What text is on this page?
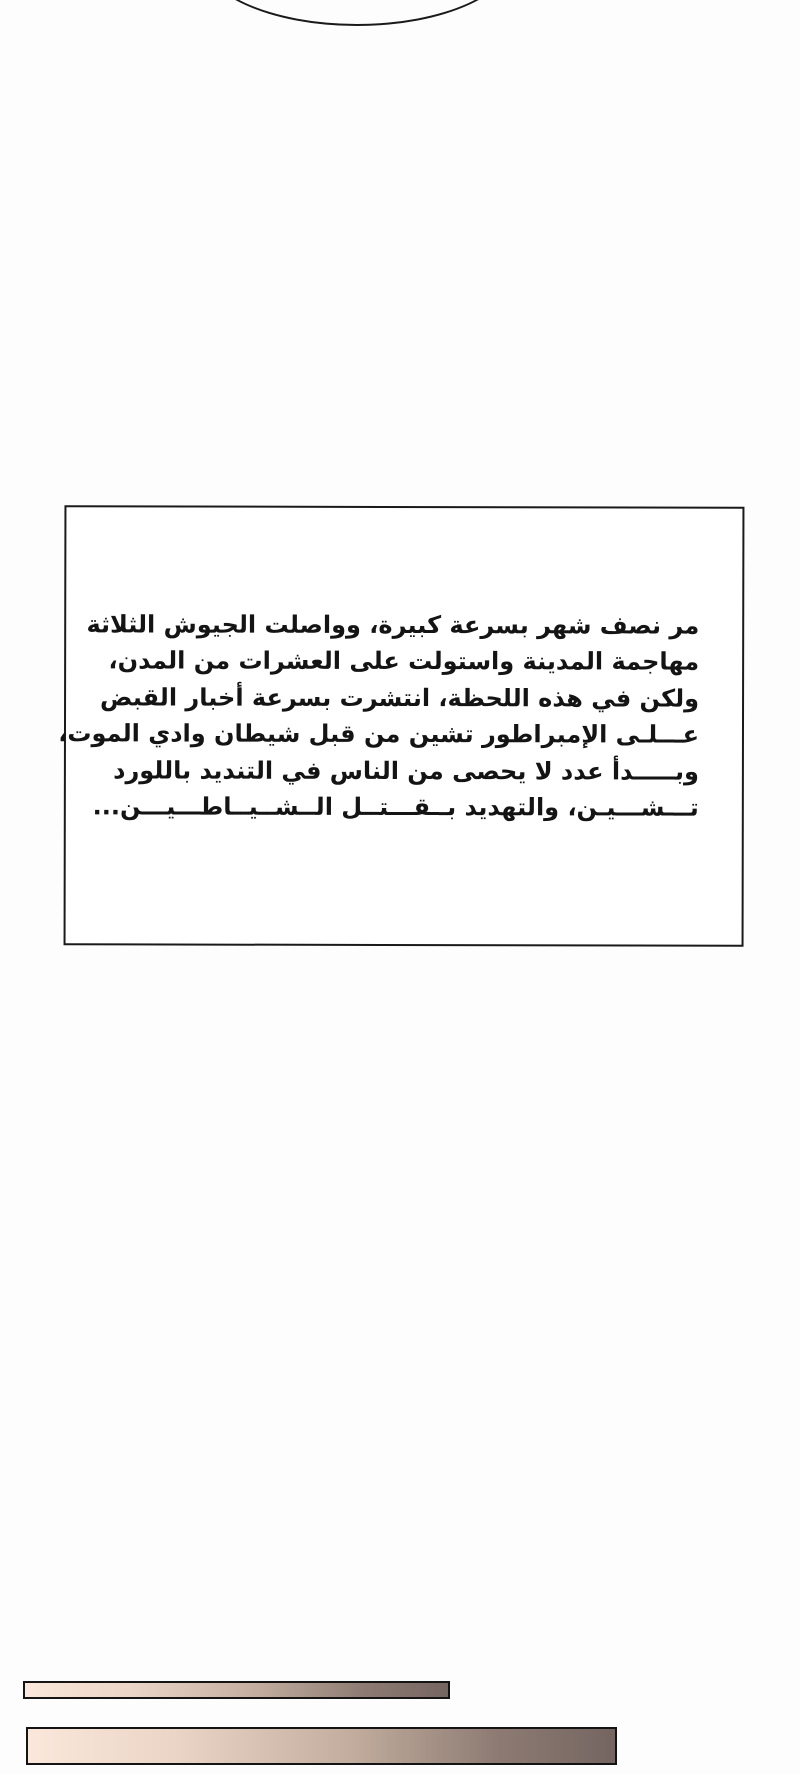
مر نصف شهر بسرعة كبيرة، وواصلت الجيوش الثلاثة
مهاجمة المدينة واستولت على العشرات من المدن،
ولكن في هذه اللحظة، انتشرت بسرعة أخبار القبض
عـــلـى الإمبراطور تشين من قبل شيطان وادي الموت،
وبـــــدأ عدد لا يحصى من الناس في التنديد باللورد
تـــشـــيـن، والتهديد بــقـــتــل الــشــيــاطـــيـــن...
